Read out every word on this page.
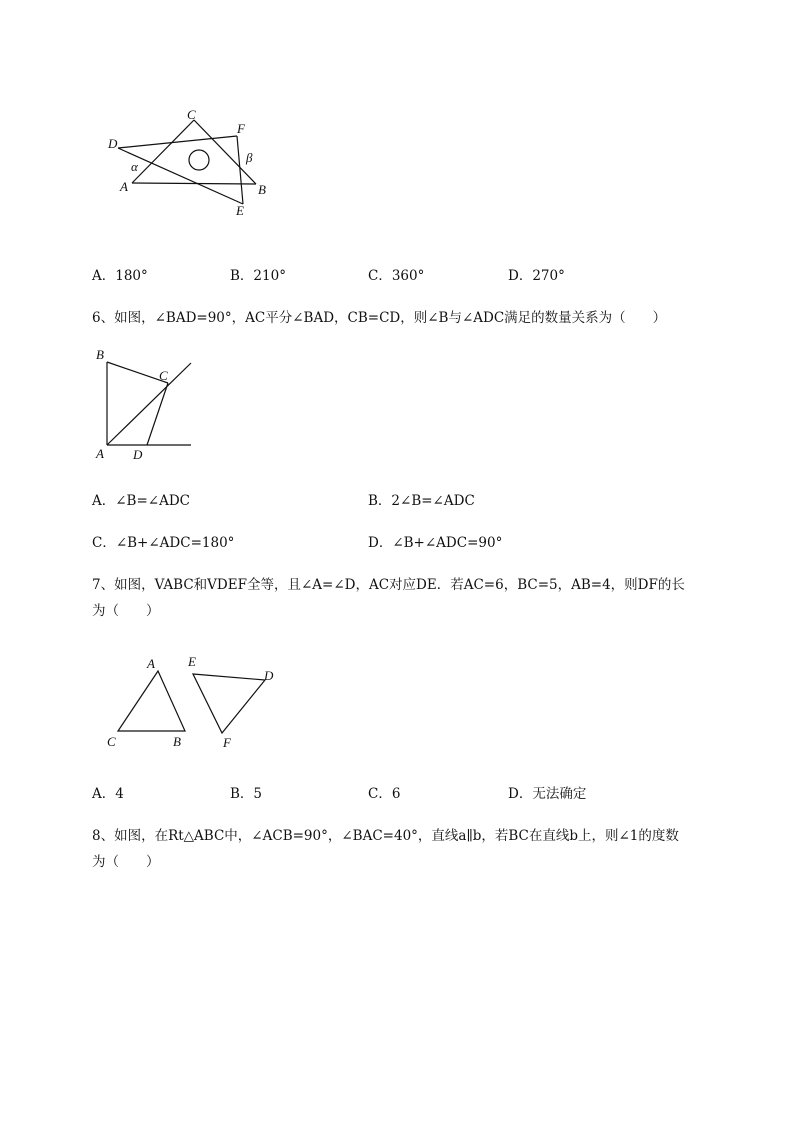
C
F
D
α
β
A	B
E
A．180°	B．210°	C．360°	D．270°
6、如图，∠BAD=90°，AC平分∠BAD，CB=CD，则∠B与∠ADC满足的数量关系为（　　）
B
C
A D
A．∠B=∠ADC	B．2∠B=∠ADC
C．∠B+∠ADC=180°	D．∠B+∠ADC=90°
7、如图，VABC和VDEF全等，且∠A=∠D，AC对应DE．若AC=6，BC=5，AB=4，则DF的长
为（　　）
A
C	B
E
D
F
A．4	B．5	C．6	D．无法确定
8、如图，在Rt△ABC中，∠ACB=90°，∠BAC=40°，直线a∥b，若BC在直线b上，则∠1的度数
为（　　）
